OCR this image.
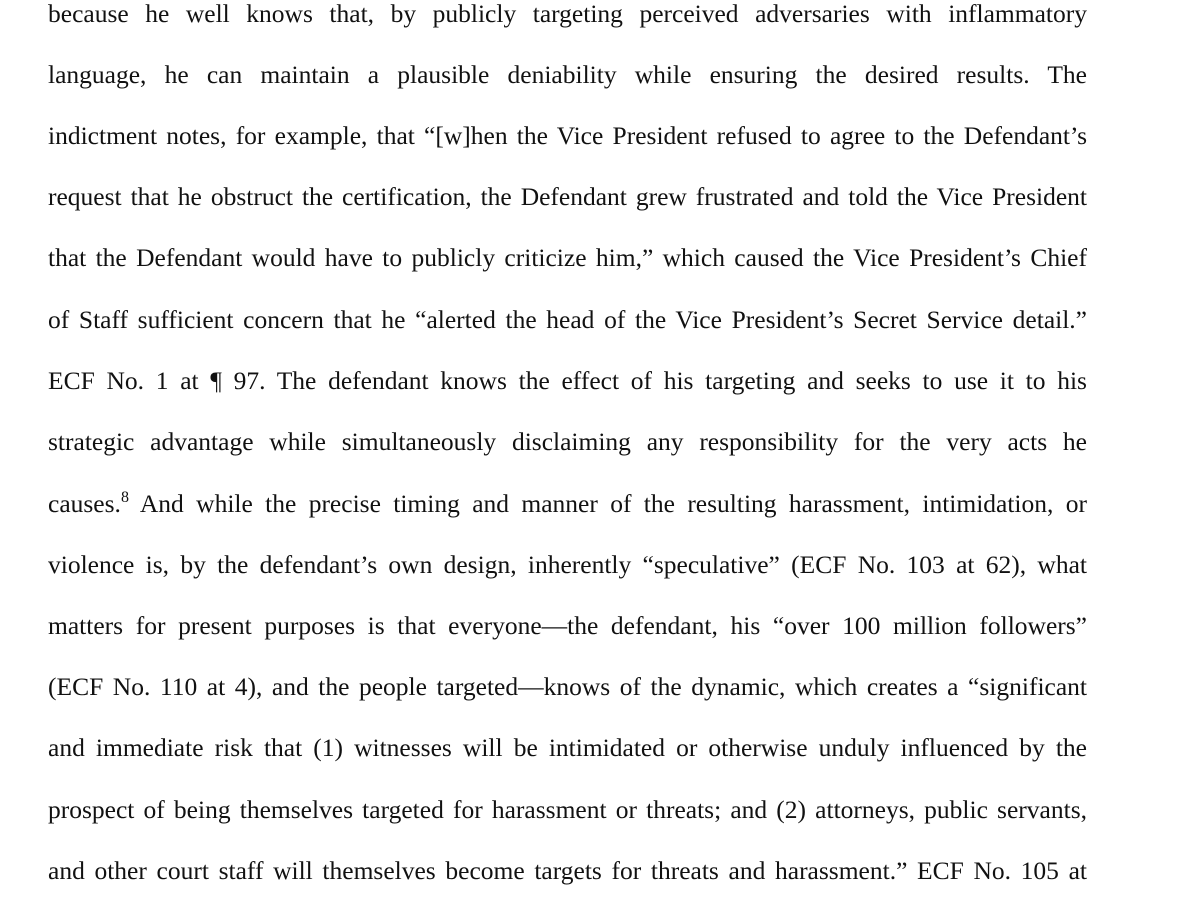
because he well knows that, by publicly targeting perceived adversaries with inflammatory
language, he can maintain a plausible deniability while ensuring the desired results. The
indictment notes, for example, that “[w]hen the Vice President refused to agree to the Defendant’s
request that he obstruct the certification, the Defendant grew frustrated and told the Vice President
that the Defendant would have to publicly criticize him,” which caused the Vice President’s Chief
of Staff sufficient concern that he “alerted the head of the Vice President’s Secret Service detail.”
ECF No. 1 at ¶ 97. The defendant knows the effect of his targeting and seeks to use it to his
strategic advantage while simultaneously disclaiming any responsibility for the very acts he
causes.$^8$ And while the precise timing and manner of the resulting harassment, intimidation, or
violence is, by the defendant’s own design, inherently “speculative” (ECF No. 103 at 62), what
matters for present purposes is that everyone—the defendant, his “over 100 million followers”
(ECF No. 110 at 4), and the people targeted—knows of the dynamic, which creates a “significant
and immediate risk that (1) witnesses will be intimidated or otherwise unduly influenced by the
prospect of being themselves targeted for harassment or threats; and (2) attorneys, public servants,
and other court staff will themselves become targets for threats and harassment.” ECF No. 105 at
